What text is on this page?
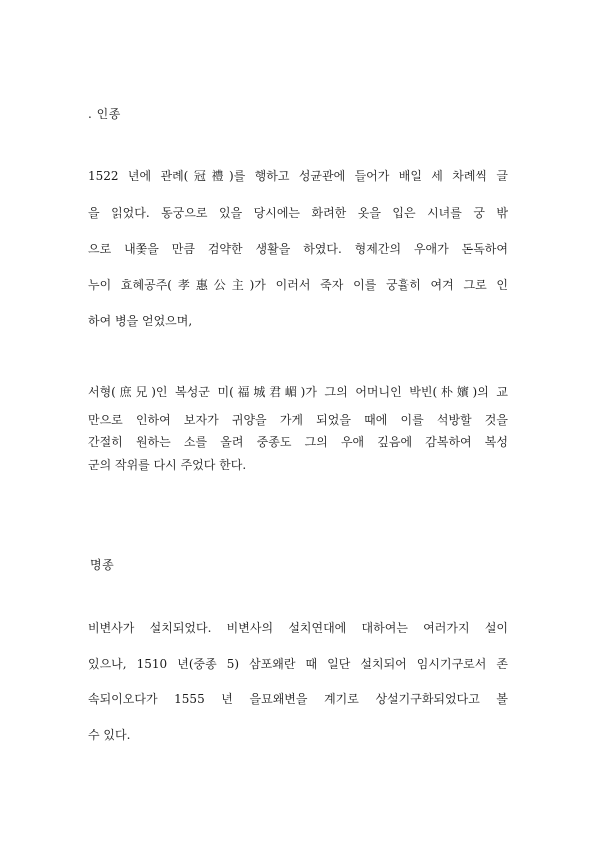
. 인종
1522 년에 관례(冠禮)를 행하고 성균관에 들어가 배일 세 차례씩 글
을 읽었다. 동궁으로 있을 당시에는 화려한 옷을 입은 시녀를 궁 밖
으로 내쫓을 만큼 검약한 생활을 하였다. 형제간의 우애가 돈독하여
누이 효혜공주(孝惠公主)가 이러서 죽자 이를 궁휼히 여겨 그로 인
하여 병을 얻었으며,
서형(庶兄)인 복성군 미(福城君嵋)가 그의 어머니인 박빈(朴嬪)의 교
만으로 인하여 보자가 귀양을 가게 되었을 때에 이를 석방할 것을
간절히 원하는 소를 올려 중종도 그의 우애 깊음에 감복하여 복성
군의 작위를 다시 주었다 한다.
명종
비변사가 설치되었다. 비변사의 설치연대에 대하여는 여러가지 설이
있으나, 1510 년(중종 5) 삼포왜란 때 일단 설치되어 임시기구로서 존
속되이오다가 1555 년 을묘왜변을 계기로 상설기구화되었다고 볼
수 있다.
